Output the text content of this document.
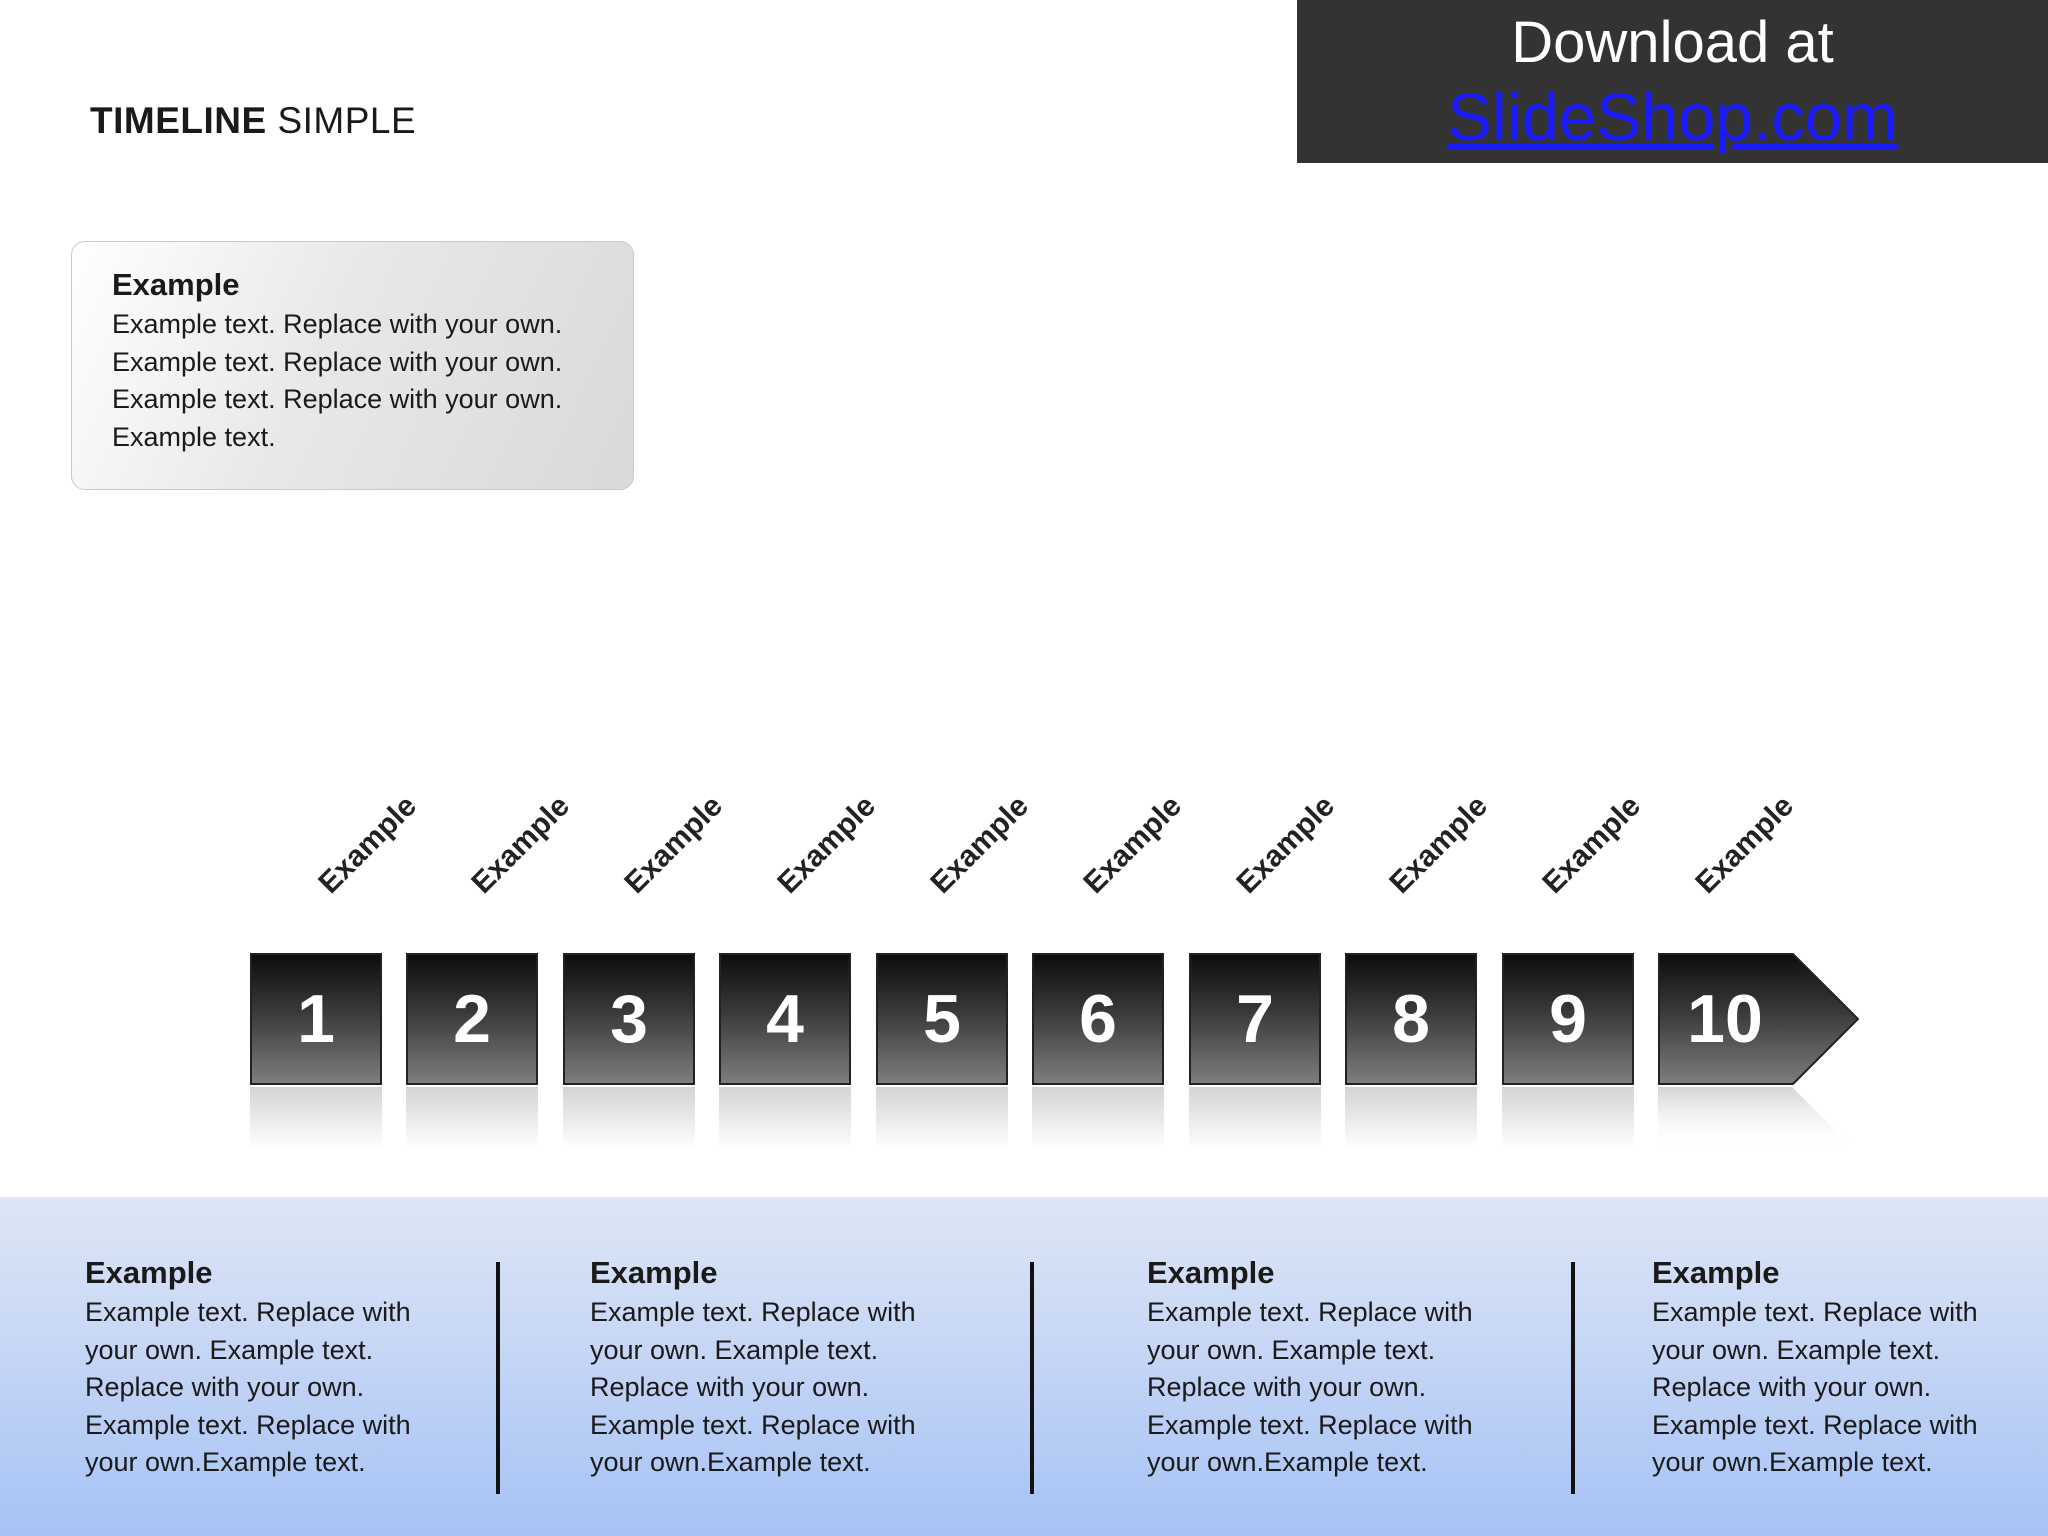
TIMELINE SIMPLE
Download at
SlideShop.com
Example
Example text. Replace with your own.
Example text. Replace with your own.
Example text. Replace with your own.
Example text.
Example Example Example Example Example Example Example Example Example Example
1	2	3	4	5	6	7	8	9	10
Example
Example text. Replace with
your own. Example text.
Replace with your own.
Example text. Replace with
your own.Example text.
Example
Example text. Replace with
your own. Example text.
Replace with your own.
Example text. Replace with
your own.Example text.
Example
Example text. Replace with
your own. Example text.
Replace with your own.
Example text. Replace with
your own.Example text.
Example
Example text. Replace with
your own. Example text.
Replace with your own.
Example text. Replace with
your own.Example text.
